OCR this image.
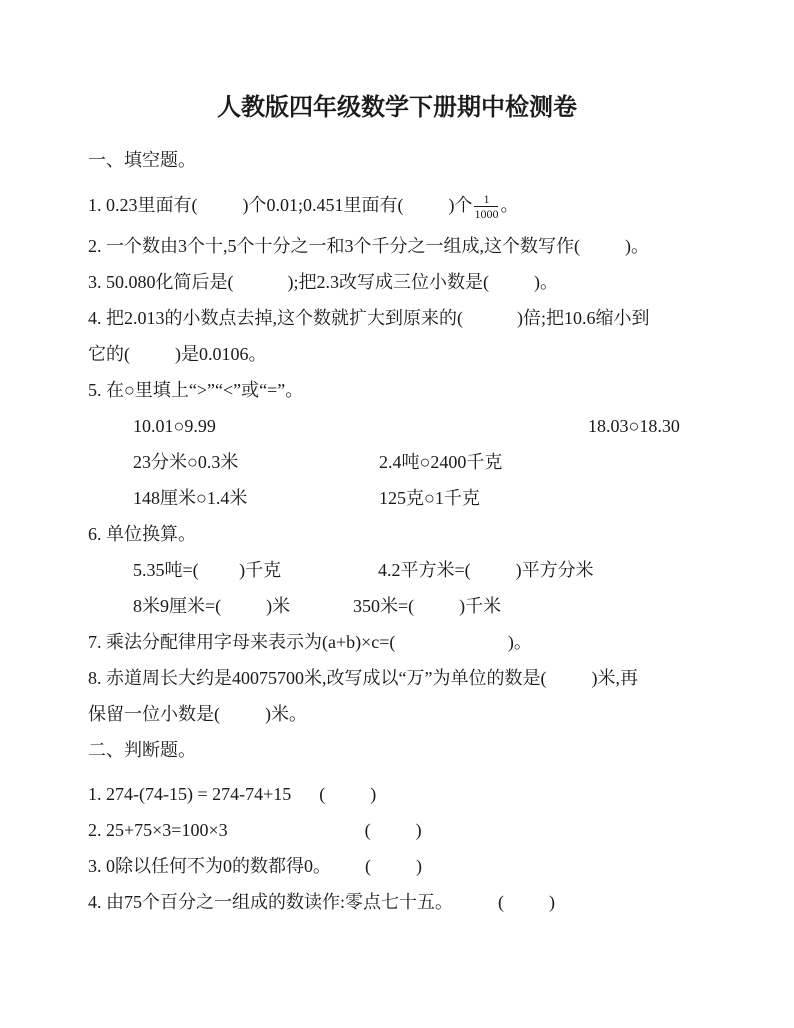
人教版四年级数学下册期中检测卷

一、填空题。

1. 0.23里面有(          )个0.01;0.451里面有(          )个 $\frac{1}{1000}$ 。

2. 一个数由3个十,5个十分之一和3个千分之一组成,这个数写作(          )。

3. 50.080化简后是(            );把2.3改写成三位小数是(          )。

4. 把2.013的小数点去掉,这个数就扩大到原来的(            )倍;把10.6缩小到

它的(          )是0.0106。

5. 在○里填上“>”“<”或“=”。

10.01○9.99	18.03○18.30
23分米○0.3米	2.4吨○2400千克
148厘米○1.4米	125克○1千克

6. 单位换算。

5.35吨=(         )千克	4.2平方米=(          )平方分米
8米9厘米=(          )米	350米=(          )千米

7. 乘法分配律用字母来表示为(a+b)×c=(                         )。

8. 赤道周长大约是40075700米,改写成以“万”为单位的数是(          )米,再

保留一位小数是(          )米。

二、判断题。

1. 274-(74-15) = 274-74+15 (          )

2. 25+75×3=100×3	(          )

3. 0除以任何不为0的数都得0。 (          )

4. 由75个百分之一组成的数读作:零点七十五。	(          )
